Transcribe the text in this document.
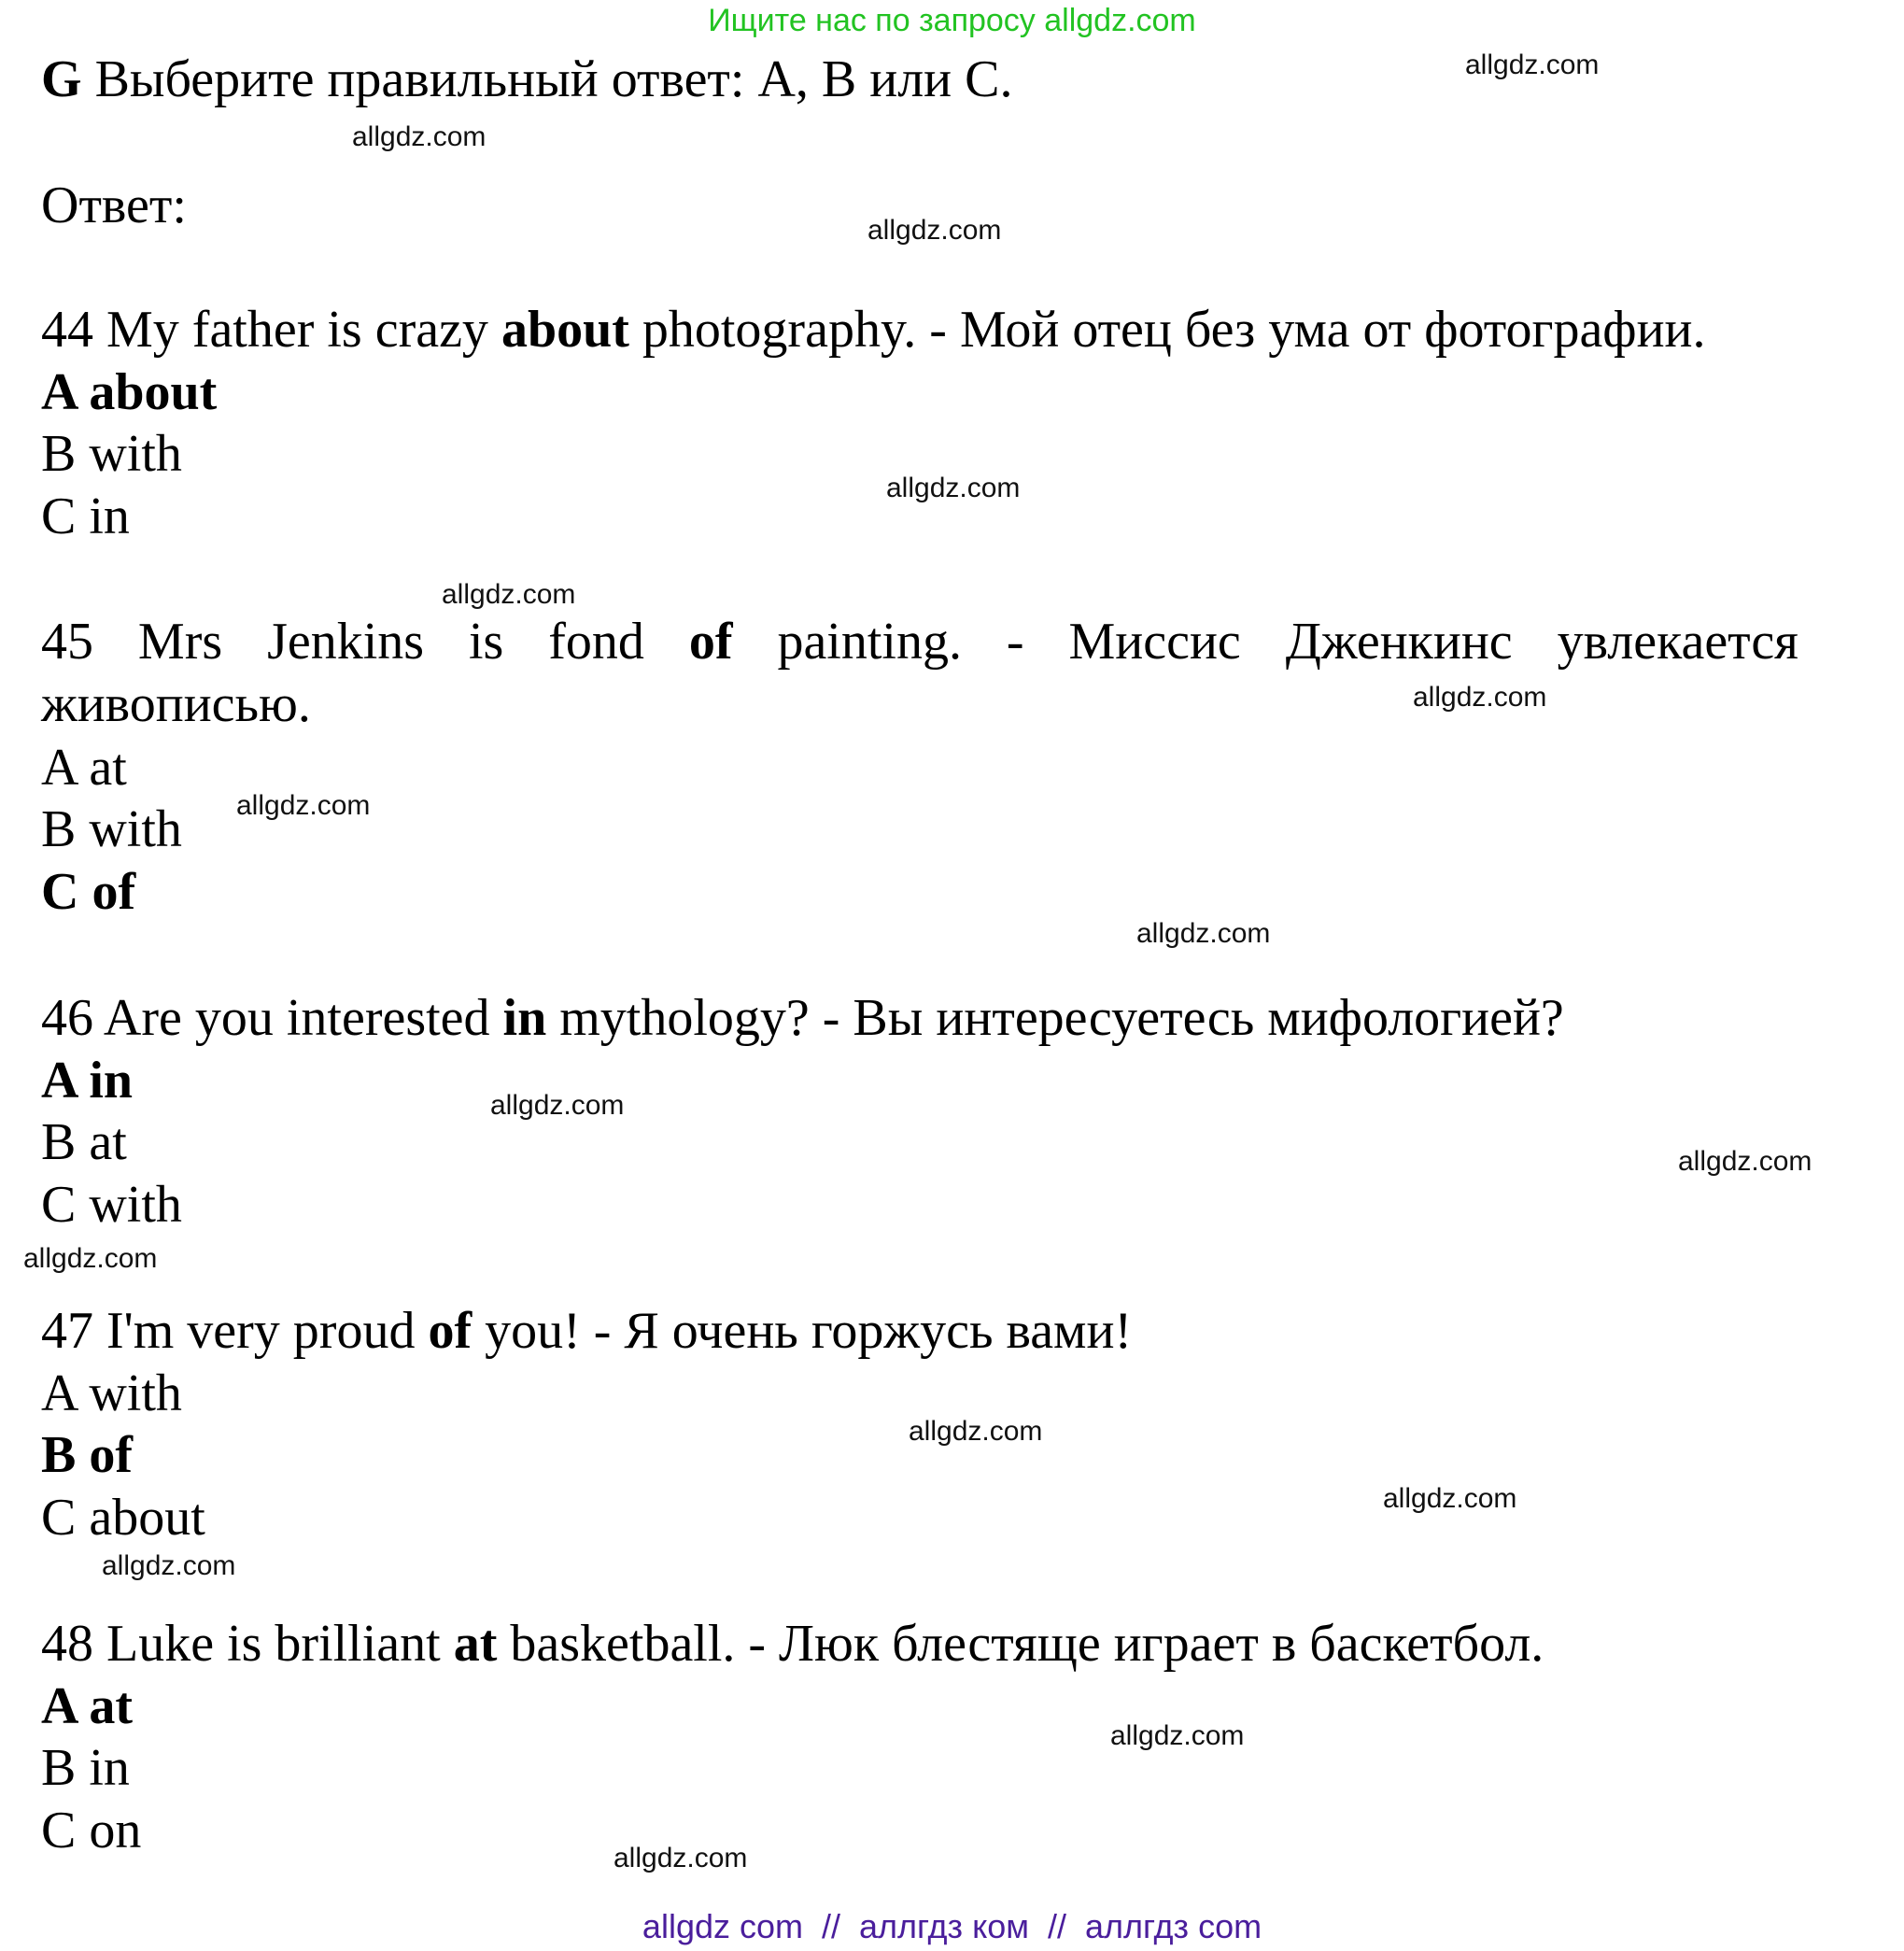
Ищите нас по запросу allgdz.com
G Выберите правильный ответ: A, B или C.
Ответ:
44 My father is crazy about photography. - Мой отец без ума от фотографии.
A about
B with
C in
45 Mrs Jenkins is fond of painting. - Миссис Дженкинс увлекается
живописью.
A at
B with
C of
46 Are you interested in mythology? - Вы интересуетесь мифологией?
A in
B at
C with
47 I'm very proud of you! - Я очень горжусь вами!
A with
B of
C about
48 Luke is brilliant at basketball. - Люк блестяще играет в баскетбол.
A at
B in
C on
allgdz.com
allgdz.com
allgdz.com
allgdz.com
allgdz.com
allgdz.com
allgdz.com
allgdz.com
allgdz.com
allgdz.com
allgdz.com
allgdz.com
allgdz.com
allgdz.com
allgdz.com
allgdz.com
allgdz com  //  аллгдз ком  //  аллгдз com
